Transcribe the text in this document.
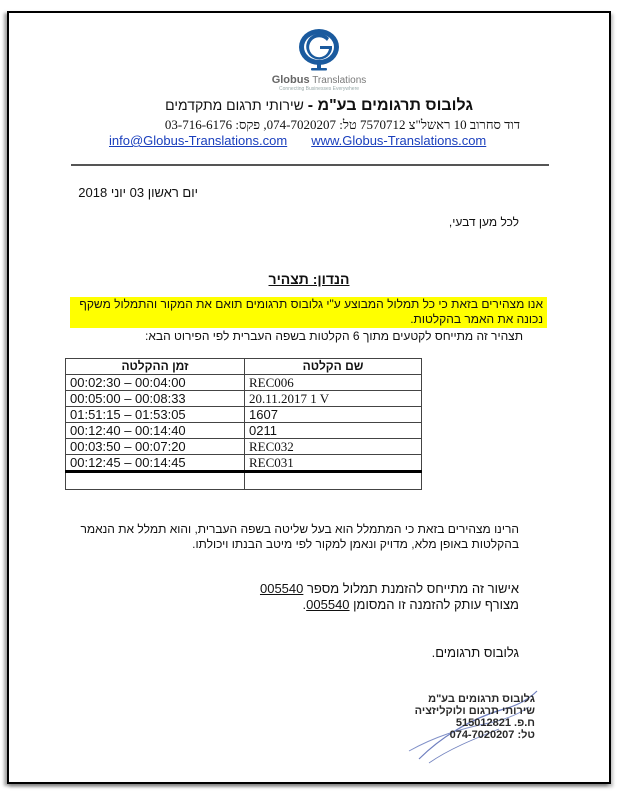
Globus Translations
Connecting Businesses Everywhere
גלובוס תרגומים בע"מ - שירותי תרגום מתקדמים
דוד סחרוב 10 ראשל"צ 7570712 טל: 074-7020207, פקס: 03-716-6176
info@Globus-Translations.com www.Globus-Translations.com
יום ראשון 03 יוני 2018
לכל מען דבעי,
הנדון: תצהיר
אנו מצהירים בזאת כי כל תמלול המבוצע ע"י גלובוס תרגומים תואם את המקור והתמלול משקף נכונה את האמר בהקלטות.
תצהיר זה מתייחס לקטעים מתוך 6 הקלטות בשפה העברית לפי הפירוט הבא:
זמן ההקלטה	שם הקלטה
00:02:30 – 00:04:00	REC006
00:05:00 – 00:08:33	20.11.2017 1 V
01:51:15 – 01:53:05	1607
00:12:40 – 00:14:40	0211
00:03:50 – 00:07:20	REC032
00:12:45 – 00:14:45	REC031

הרינו מצהירים בזאת כי המתמלל הוא בעל שליטה בשפה העברית, והוא תמלל את הנאמר בהקלטות באופן מלא, מדויק ונאמן למקור לפי מיטב הבנתו ויכולתו.
אישור זה מתייחס להזמנת תמלול מספר 005540
מצורף עותק להזמנה זו המסומן 005540.
גלובוס תרגומים.
גלובוס תרגומים בע"מ
שירותי תרגום ולוקליזציה
ח.פ. 515012821
טל: 074-7020207
